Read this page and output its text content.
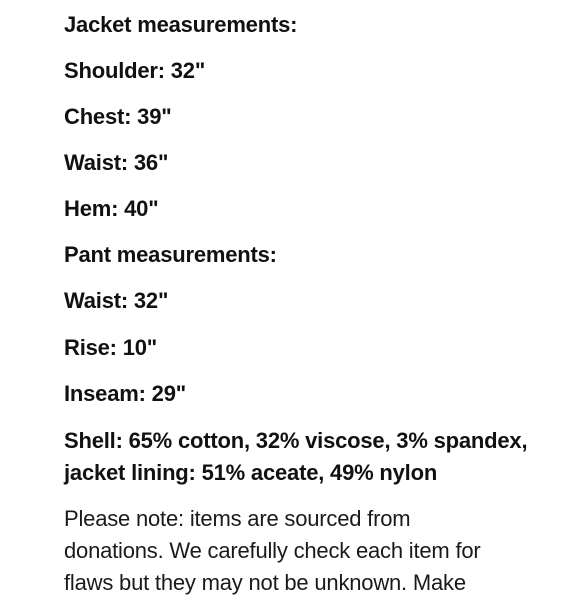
Jacket measurements:
Shoulder: 32"
Chest: 39"
Waist: 36"
Hem: 40"
Pant measurements:
Waist: 32"
Rise: 10"
Inseam: 29"
Shell: 65% cotton, 32% viscose, 3% spandex,
jacket lining: 51% aceate, 49% nylon
Please note: items are sourced from
donations. We carefully check each item for
flaws but they may not be unknown. Make
